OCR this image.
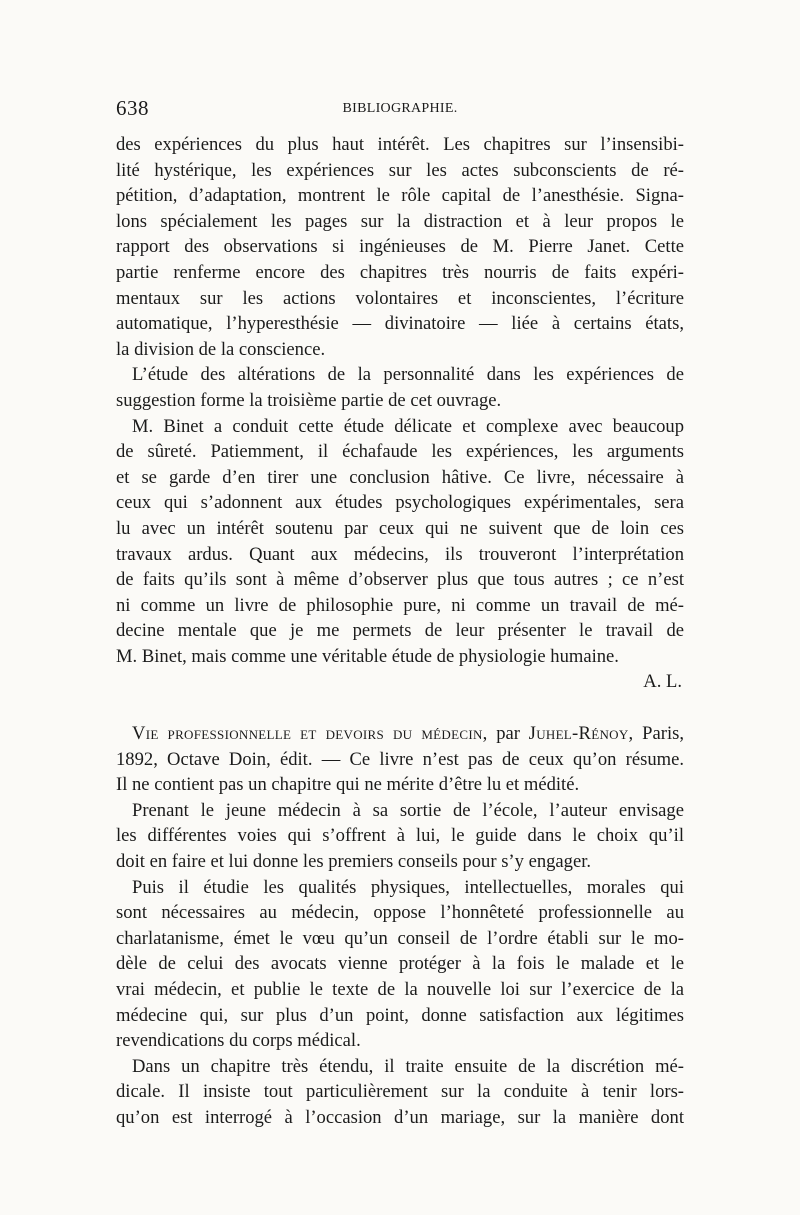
638	BIBLIOGRAPHIE.
des expériences du plus haut intérêt. Les chapitres sur l’insensibi-
lité hystérique, les expériences sur les actes subconscients de ré-
pétition, d’adaptation, montrent le rôle capital de l’anesthésie. Signa-
lons spécialement les pages sur la distraction et à leur propos le
rapport des observations si ingénieuses de M. Pierre Janet. Cette
partie renferme encore des chapitres très nourris de faits expéri-
mentaux sur les actions volontaires et inconscientes, l’écriture
automatique, l’hyperesthésie — divinatoire — liée à certains états,
la division de la conscience.
L’étude des altérations de la personnalité dans les expériences de
suggestion forme la troisième partie de cet ouvrage.
M. Binet a conduit cette étude délicate et complexe avec beaucoup
de sûreté. Patiemment, il échafaude les expériences, les arguments
et se garde d’en tirer une conclusion hâtive. Ce livre, nécessaire à
ceux qui s’adonnent aux études psychologiques expérimentales, sera
lu avec un intérêt soutenu par ceux qui ne suivent que de loin ces
travaux ardus. Quant aux médecins, ils trouveront l’interprétation
de faits qu’ils sont à même d’observer plus que tous autres ; ce n’est
ni comme un livre de philosophie pure, ni comme un travail de mé-
decine mentale que je me permets de leur présenter le travail de
M. Binet, mais comme une véritable étude de physiologie humaine.
A. L.
Vie professionnelle et devoirs du médecin, par Juhel-Rénoy, Paris,
1892, Octave Doin, édit. — Ce livre n’est pas de ceux qu’on résume.
Il ne contient pas un chapitre qui ne mérite d’être lu et médité.
Prenant le jeune médecin à sa sortie de l’école, l’auteur envisage
les différentes voies qui s’offrent à lui, le guide dans le choix qu’il
doit en faire et lui donne les premiers conseils pour s’y engager.
Puis il étudie les qualités physiques, intellectuelles, morales qui
sont nécessaires au médecin, oppose l’honnêteté professionnelle au
charlatanisme, émet le vœu qu’un conseil de l’ordre établi sur le mo-
dèle de celui des avocats vienne protéger à la fois le malade et le
vrai médecin, et publie le texte de la nouvelle loi sur l’exercice de la
médecine qui, sur plus d’un point, donne satisfaction aux légitimes
revendications du corps médical.
Dans un chapitre très étendu, il traite ensuite de la discrétion mé-
dicale. Il insiste tout particulièrement sur la conduite à tenir lors-
qu’on est interrogé à l’occasion d’un mariage, sur la manière dont
